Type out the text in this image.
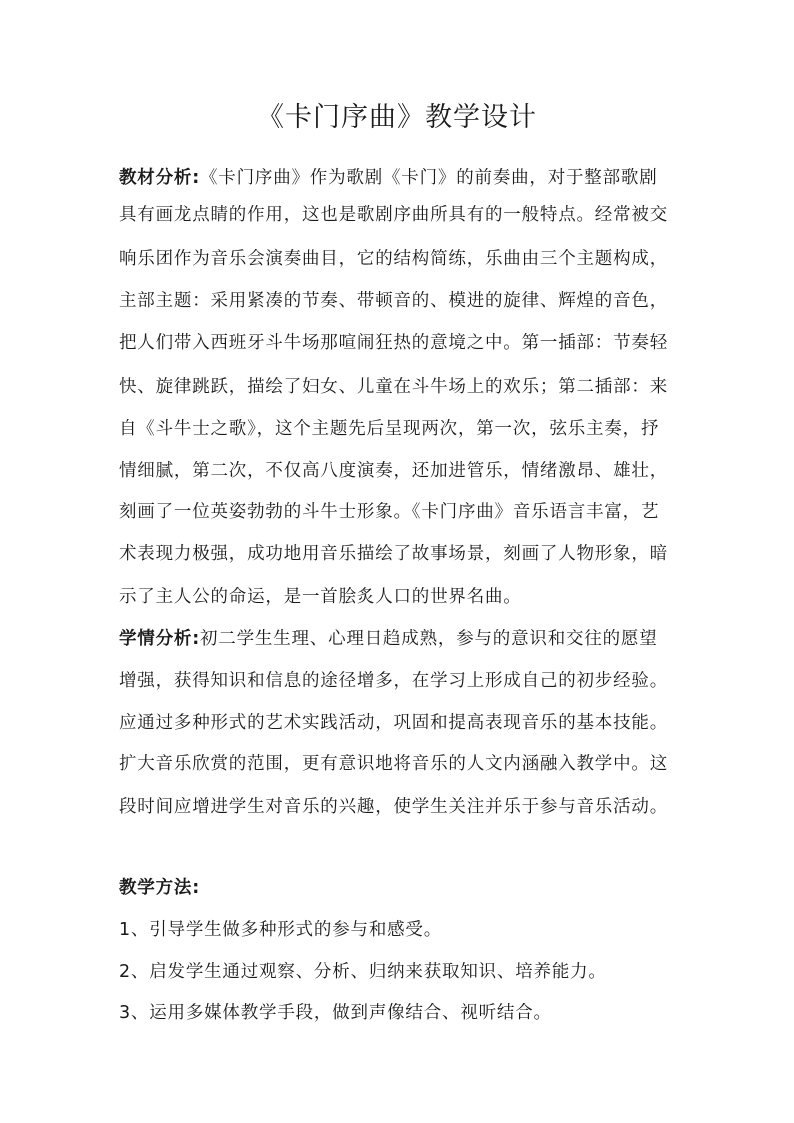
《卡门序曲》教学设计
教材分析:《卡门序曲》作为歌剧《卡门》的前奏曲，对于整部歌剧
具有画龙点睛的作用，这也是歌剧序曲所具有的一般特点。经常被交
响乐团作为音乐会演奏曲目，它的结构简练，乐曲由三个主题构成，
主部主题：采用紧凑的节奏、带顿音的、模进的旋律、辉煌的音色，
把人们带入西班牙斗牛场那喧闹狂热的意境之中。第一插部：节奏轻
快、旋律跳跃，描绘了妇女、儿童在斗牛场上的欢乐；第二插部：来
自《斗牛士之歌》，这个主题先后呈现两次，第一次，弦乐主奏，抒
情细腻，第二次，不仅高八度演奏，还加进管乐，情绪激昂、雄壮，
刻画了一位英姿勃勃的斗牛士形象。《卡门序曲》音乐语言丰富，艺
术表现力极强，成功地用音乐描绘了故事场景，刻画了人物形象，暗
示了主人公的命运，是一首脍炙人口的世界名曲。
学情分析:初二学生生理、心理日趋成熟，参与的意识和交往的愿望
增强，获得知识和信息的途径增多，在学习上形成自己的初步经验。
应通过多种形式的艺术实践活动，巩固和提高表现音乐的基本技能。
扩大音乐欣赏的范围，更有意识地将音乐的人文内涵融入教学中。这
段时间应增进学生对音乐的兴趣，使学生关注并乐于参与音乐活动。
教学方法:
1、引导学生做多种形式的参与和感受。
2、启发学生通过观察、分析、归纳来获取知识、培养能力。
3、运用多媒体教学手段，做到声像结合、视听结合。
